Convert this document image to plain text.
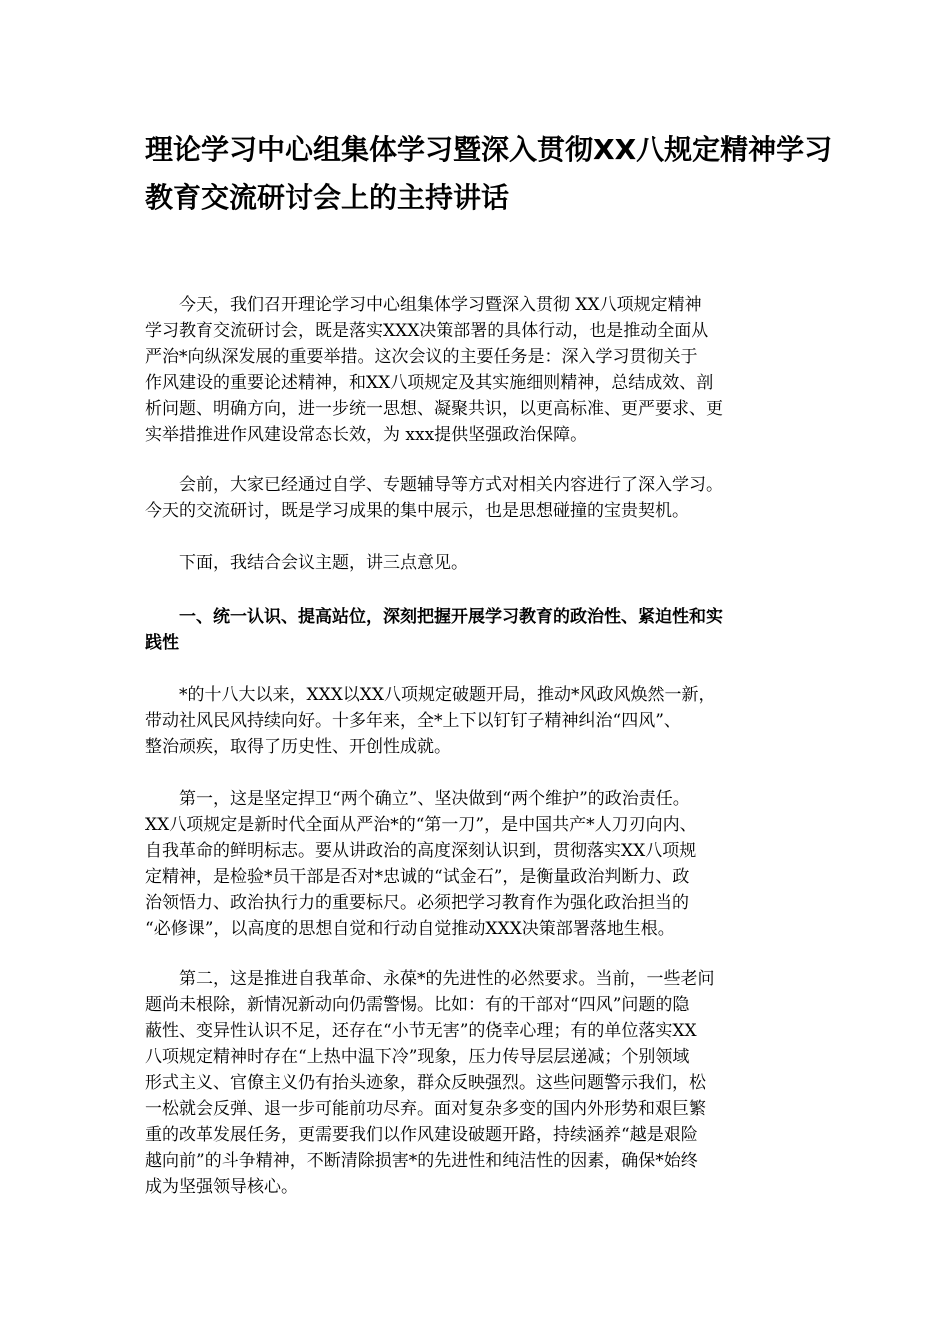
理论学习中心组集体学习暨深入贯彻XX八规定精神学习
教育交流研讨会上的主持讲话
今天，我们召开理论学习中心组集体学习暨深入贯彻 XX八项规定精神
学习教育交流研讨会，既是落实XXX决策部署的具体行动，也是推动全面从
严治*向纵深发展的重要举措。这次会议的主要任务是：深入学习贯彻关于
作风建设的重要论述精神，和XX八项规定及其实施细则精神，总结成效、剖
析问题、明确方向，进一步统一思想、凝聚共识，以更高标准、更严要求、更
实举措推进作风建设常态长效，为 xxx提供坚强政治保障。
会前，大家已经通过自学、专题辅导等方式对相关内容进行了深入学习。
今天的交流研讨，既是学习成果的集中展示，也是思想碰撞的宝贵契机。
下面，我结合会议主题，讲三点意见。
一、统一认识、提高站位，深刻把握开展学习教育的政治性、紧迫性和实
践性
*的十八大以来，XXX以XX八项规定破题开局，推动*风政风焕然一新，
带动社风民风持续向好。十多年来，全*上下以钉钉子精神纠治“四风”、
整治顽疾，取得了历史性、开创性成就。
第一，这是坚定捍卫“两个确立”、坚决做到“两个维护”的政治责任。
XX八项规定是新时代全面从严治*的“第一刀”，是中国共产*人刀刃向内、
自我革命的鲜明标志。要从讲政治的高度深刻认识到，贯彻落实XX八项规
定精神，是检验*员干部是否对*忠诚的“试金石”，是衡量政治判断力、政
治领悟力、政治执行力的重要标尺。必须把学习教育作为强化政治担当的
“必修课”，以高度的思想自觉和行动自觉推动XXX决策部署落地生根。
第二，这是推进自我革命、永葆*的先进性的必然要求。当前，一些老问
题尚未根除，新情况新动向仍需警惕。比如：有的干部对“四风”问题的隐
蔽性、变异性认识不足，还存在“小节无害”的侥幸心理；有的单位落实XX
八项规定精神时存在“上热中温下冷”现象，压力传导层层递减；个别领域
形式主义、官僚主义仍有抬头迹象，群众反映强烈。这些问题警示我们，松
一松就会反弹、退一步可能前功尽弃。面对复杂多变的国内外形势和艰巨繁
重的改革发展任务，更需要我们以作风建设破题开路，持续涵养“越是艰险
越向前”的斗争精神，不断清除损害*的先进性和纯洁性的因素，确保*始终
成为坚强领导核心。
